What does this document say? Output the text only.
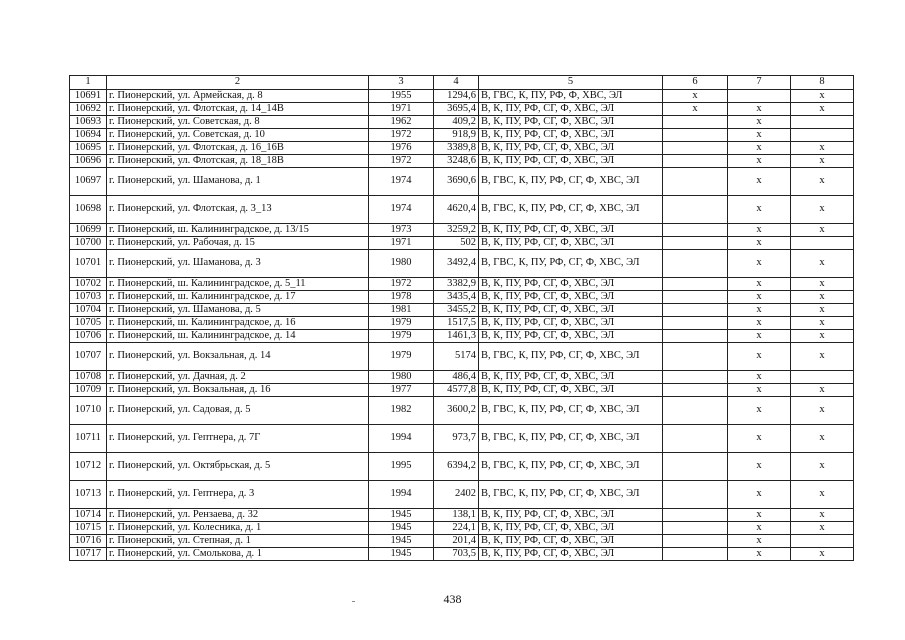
1	2	3	4	5	6	7	8
10691	г. Пионерский, ул. Армейская, д. 8	1955	1294,6	В, ГВС, К, ПУ, РФ, Ф, ХВС, ЭЛ	х		х
10692	г. Пионерский, ул. Флотская, д. 14_14В	1971	3695,4	В, К, ПУ, РФ, СГ, Ф, ХВС, ЭЛ	х	х	х
10693	г. Пионерский, ул. Советская, д. 8	1962	409,2	В, К, ПУ, РФ, СГ, Ф, ХВС, ЭЛ		х	
10694	г. Пионерский, ул. Советская, д. 10	1972	918,9	В, К, ПУ, РФ, СГ, Ф, ХВС, ЭЛ		х	
10695	г. Пионерский, ул. Флотская, д. 16_16В	1976	3389,8	В, К, ПУ, РФ, СГ, Ф, ХВС, ЭЛ		х	х
10696	г. Пионерский, ул. Флотская, д. 18_18В	1972	3248,6	В, К, ПУ, РФ, СГ, Ф, ХВС, ЭЛ		х	х
10697	г. Пионерский, ул. Шаманова, д. 1	1974	3690,6	В, ГВС, К, ПУ, РФ, СГ, Ф, ХВС, ЭЛ		х	х
10698	г. Пионерский, ул. Флотская, д. 3_13	1974	4620,4	В, ГВС, К, ПУ, РФ, СГ, Ф, ХВС, ЭЛ		х	х
10699	г. Пионерский, ш. Калининградское, д. 13/15	1973	3259,2	В, К, ПУ, РФ, СГ, Ф, ХВС, ЭЛ		х	х
10700	г. Пионерский, ул. Рабочая, д. 15	1971	502	В, К, ПУ, РФ, СГ, Ф, ХВС, ЭЛ		х	
10701	г. Пионерский, ул. Шаманова, д. 3	1980	3492,4	В, ГВС, К, ПУ, РФ, СГ, Ф, ХВС, ЭЛ		х	х
10702	г. Пионерский, ш. Калининградское, д. 5_11	1972	3382,9	В, К, ПУ, РФ, СГ, Ф, ХВС, ЭЛ		х	х
10703	г. Пионерский, ш. Калининградское, д. 17	1978	3435,4	В, К, ПУ, РФ, СГ, Ф, ХВС, ЭЛ		х	х
10704	г. Пионерский, ул. Шаманова, д. 5	1981	3455,2	В, К, ПУ, РФ, СГ, Ф, ХВС, ЭЛ		х	х
10705	г. Пионерский, ш. Калининградское, д. 16	1979	1517,5	В, К, ПУ, РФ, СГ, Ф, ХВС, ЭЛ		х	х
10706	г. Пионерский, ш. Калининградское, д. 14	1979	1461,3	В, К, ПУ, РФ, СГ, Ф, ХВС, ЭЛ		х	х
10707	г. Пионерский, ул. Вокзальная, д. 14	1979	5174	В, ГВС, К, ПУ, РФ, СГ, Ф, ХВС, ЭЛ		х	х
10708	г. Пионерский, ул. Дачная, д. 2	1980	486,4	В, К, ПУ, РФ, СГ, Ф, ХВС, ЭЛ		х	
10709	г. Пионерский, ул. Вокзальная, д. 16	1977	4577,8	В, К, ПУ, РФ, СГ, Ф, ХВС, ЭЛ		х	х
10710	г. Пионерский, ул. Садовая, д. 5	1982	3600,2	В, ГВС, К, ПУ, РФ, СГ, Ф, ХВС, ЭЛ		х	х
10711	г. Пионерский, ул. Гептнера, д. 7Г	1994	973,7	В, ГВС, К, ПУ, РФ, СГ, Ф, ХВС, ЭЛ		х	х
10712	г. Пионерский, ул. Октябрьская, д. 5	1995	6394,2	В, ГВС, К, ПУ, РФ, СГ, Ф, ХВС, ЭЛ		х	х
10713	г. Пионерский, ул. Гептнера, д. 3	1994	2402	В, ГВС, К, ПУ, РФ, СГ, Ф, ХВС, ЭЛ		х	х
10714	г. Пионерский, ул. Рензаева, д. 32	1945	138,1	В, К, ПУ, РФ, СГ, Ф, ХВС, ЭЛ		х	х
10715	г. Пионерский, ул. Колесника, д. 1	1945	224,1	В, К, ПУ, РФ, СГ, Ф, ХВС, ЭЛ		х	х
10716	г. Пионерский, ул. Степная, д. 1	1945	201,4	В, К, ПУ, РФ, СГ, Ф, ХВС, ЭЛ		х	
10717	г. Пионерский, ул. Смолькова, д. 1	1945	703,5	В, К, ПУ, РФ, СГ, Ф, ХВС, ЭЛ		х	х
438
